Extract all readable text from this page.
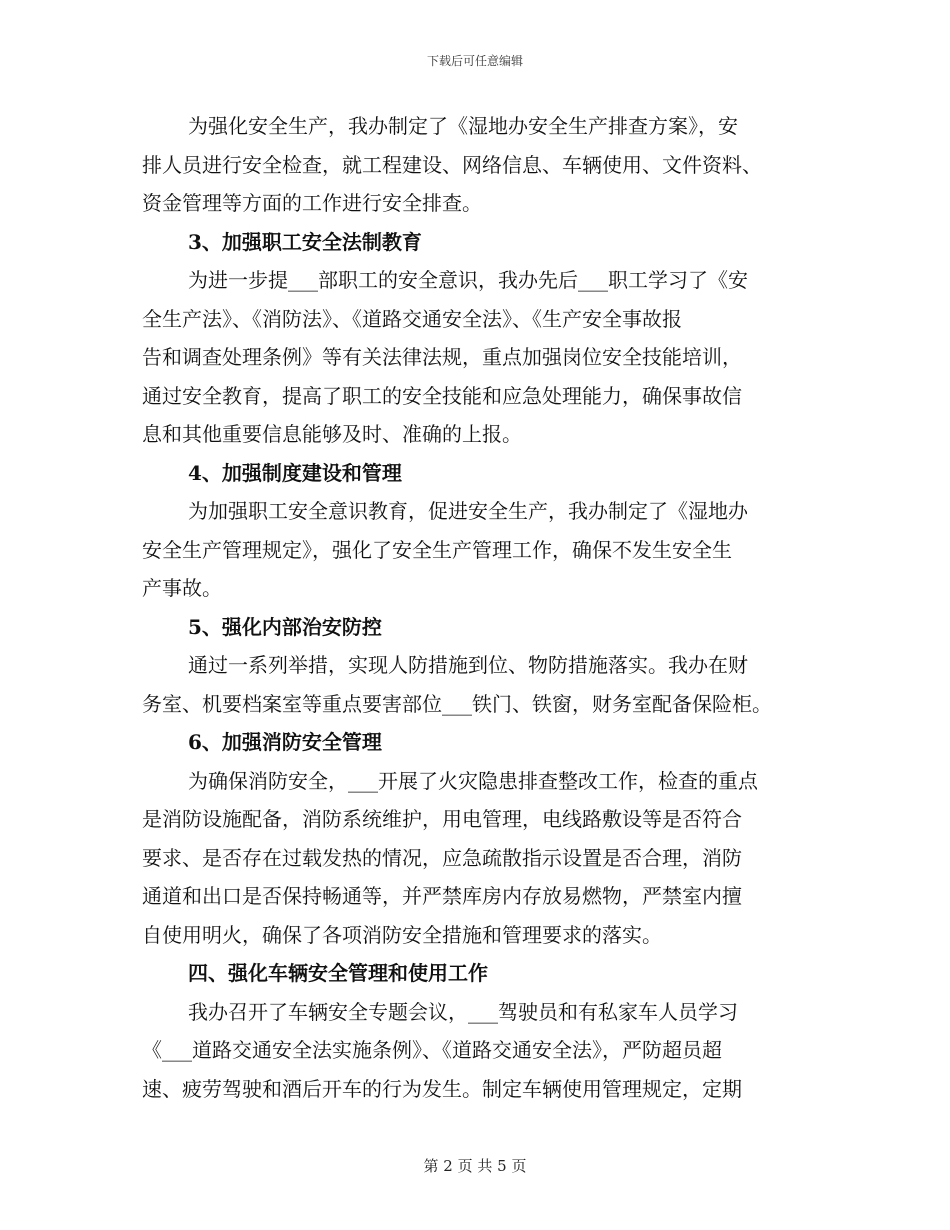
下载后可任意编辑
为强化安全生产，我办制定了《湿地办安全生产排查方案》，安
排人员进行安全检查，就工程建设、网络信息、车辆使用、文件资料、
资金管理等方面的工作进行安全排查。
3、加强职工安全法制教育
为进一步提___部职工的安全意识，我办先后___职工学习了《安
全生产法》、《消防法》、《道路交通安全法》、《生产安全事故报
告和调查处理条例》等有关法律法规，重点加强岗位安全技能培训，
通过安全教育，提高了职工的安全技能和应急处理能力，确保事故信
息和其他重要信息能够及时、准确的上报。
4、加强制度建设和管理
为加强职工安全意识教育，促进安全生产，我办制定了《湿地办
安全生产管理规定》，强化了安全生产管理工作，确保不发生安全生
产事故。
5、强化内部治安防控
通过一系列举措，实现人防措施到位、物防措施落实。我办在财
务室、机要档案室等重点要害部位___铁门、铁窗，财务室配备保险柜。
6、加强消防安全管理
为确保消防安全，___开展了火灾隐患排查整改工作，检查的重点
是消防设施配备，消防系统维护，用电管理，电线路敷设等是否符合
要求、是否存在过载发热的情况，应急疏散指示设置是否合理，消防
通道和出口是否保持畅通等，并严禁库房内存放易燃物，严禁室内擅
自使用明火，确保了各项消防安全措施和管理要求的落实。
四、强化车辆安全管理和使用工作
我办召开了车辆安全专题会议，___驾驶员和有私家车人员学习
《___道路交通安全法实施条例》、《道路交通安全法》，严防超员超
速、疲劳驾驶和酒后开车的行为发生。制定车辆使用管理规定，定期
第 2 页 共 5 页
